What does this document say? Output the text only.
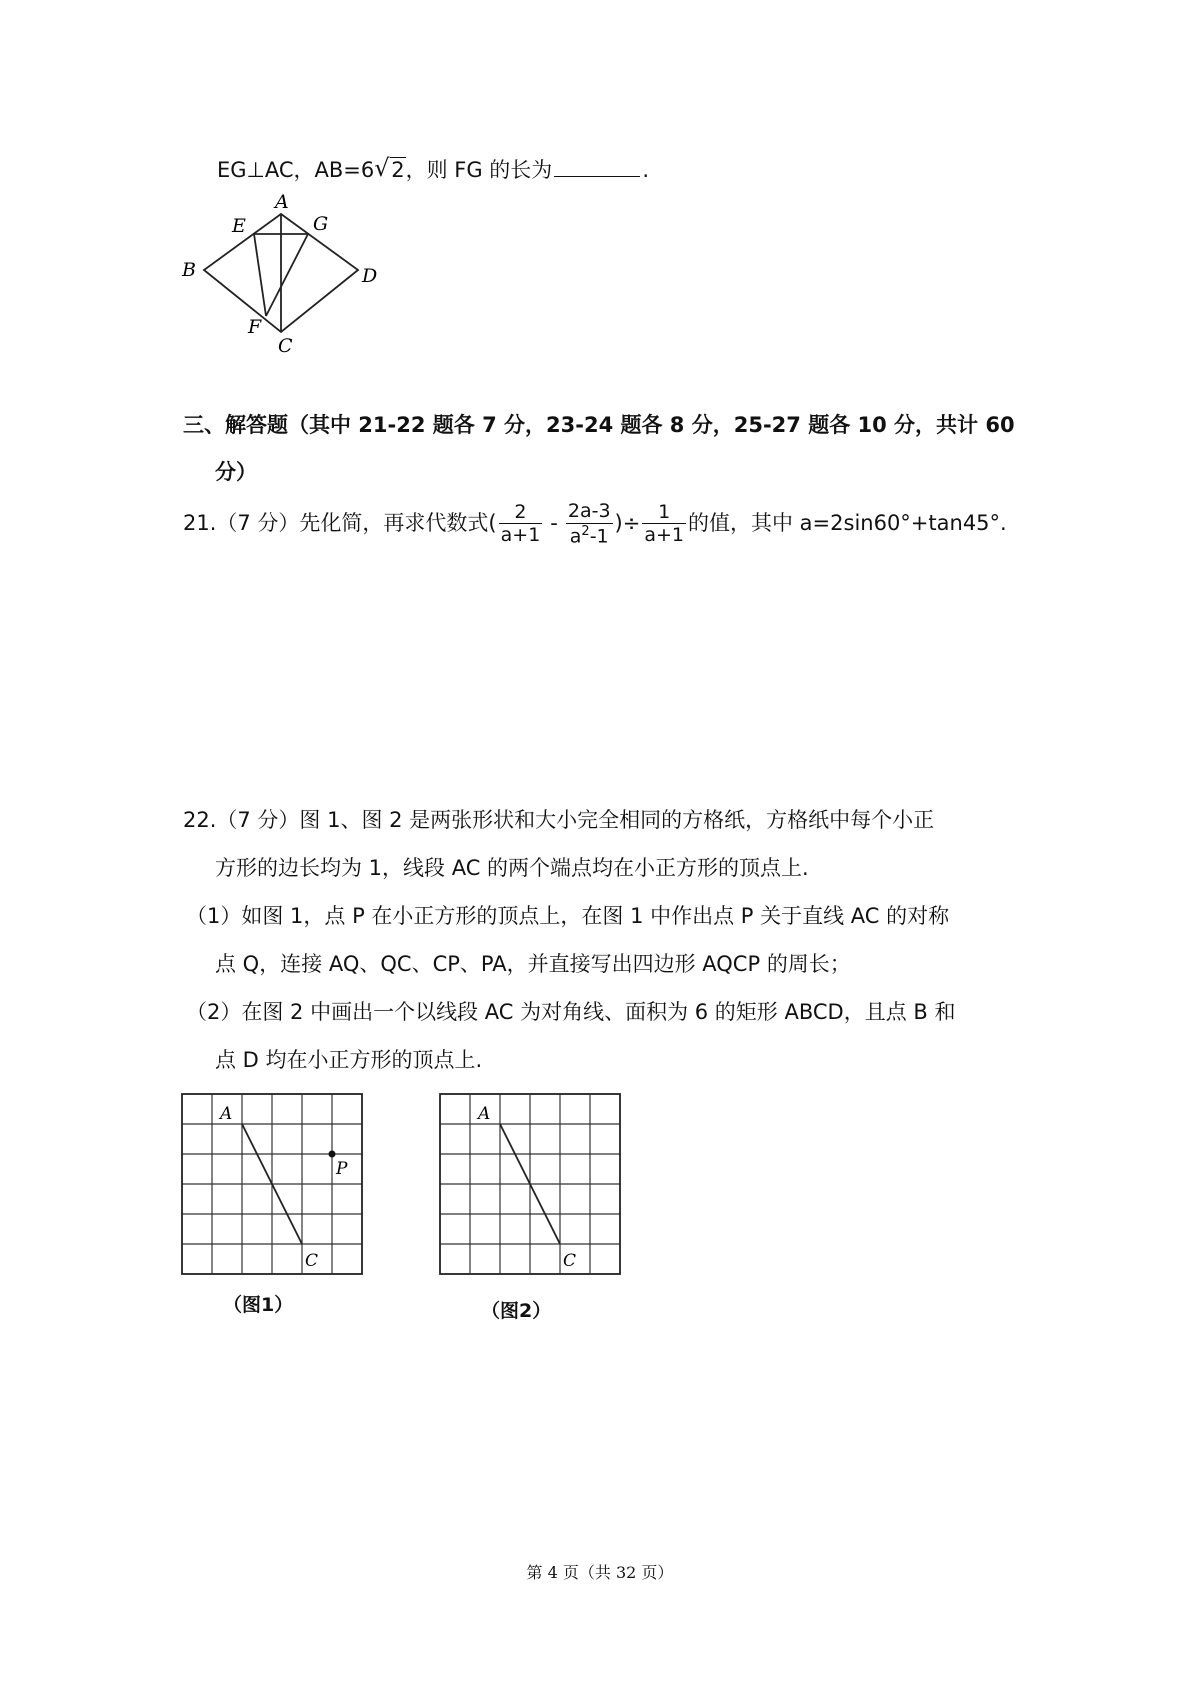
EG⊥AC，AB=6 √ 2，则 FG 的长为	.
A
B	D
C
E	G
F
三、解答题（其中 21-22 题各 7 分，23-24 题各 8 分，25-27 题各 10 分，共计 60
分）
21.（7 分）先化简，再求代数式( $\frac{2}{a+1} - \frac{2a-3}{a^2-1}$ )÷ $\frac{1}{a+1}$ 的值，其中 a=2sin60°+tan45°.
22.（7 分）图 1、图 2 是两张形状和大小完全相同的方格纸，方格纸中每个小正
方形的边长均为 1，线段 AC 的两个端点均在小正方形的顶点上.
（1）如图 1，点 P 在小正方形的顶点上，在图 1 中作出点 P 关于直线 AC 的对称
点 Q，连接 AQ、QC、CP、PA，并直接写出四边形 AQCP 的周长；
（2）在图 2 中画出一个以线段 AC 为对角线、面积为 6 的矩形 ABCD，且点 B 和
点 D 均在小正方形的顶点上.
A
C
P
（图1）
A
C
（图2）
第 4 页（共 32 页）
